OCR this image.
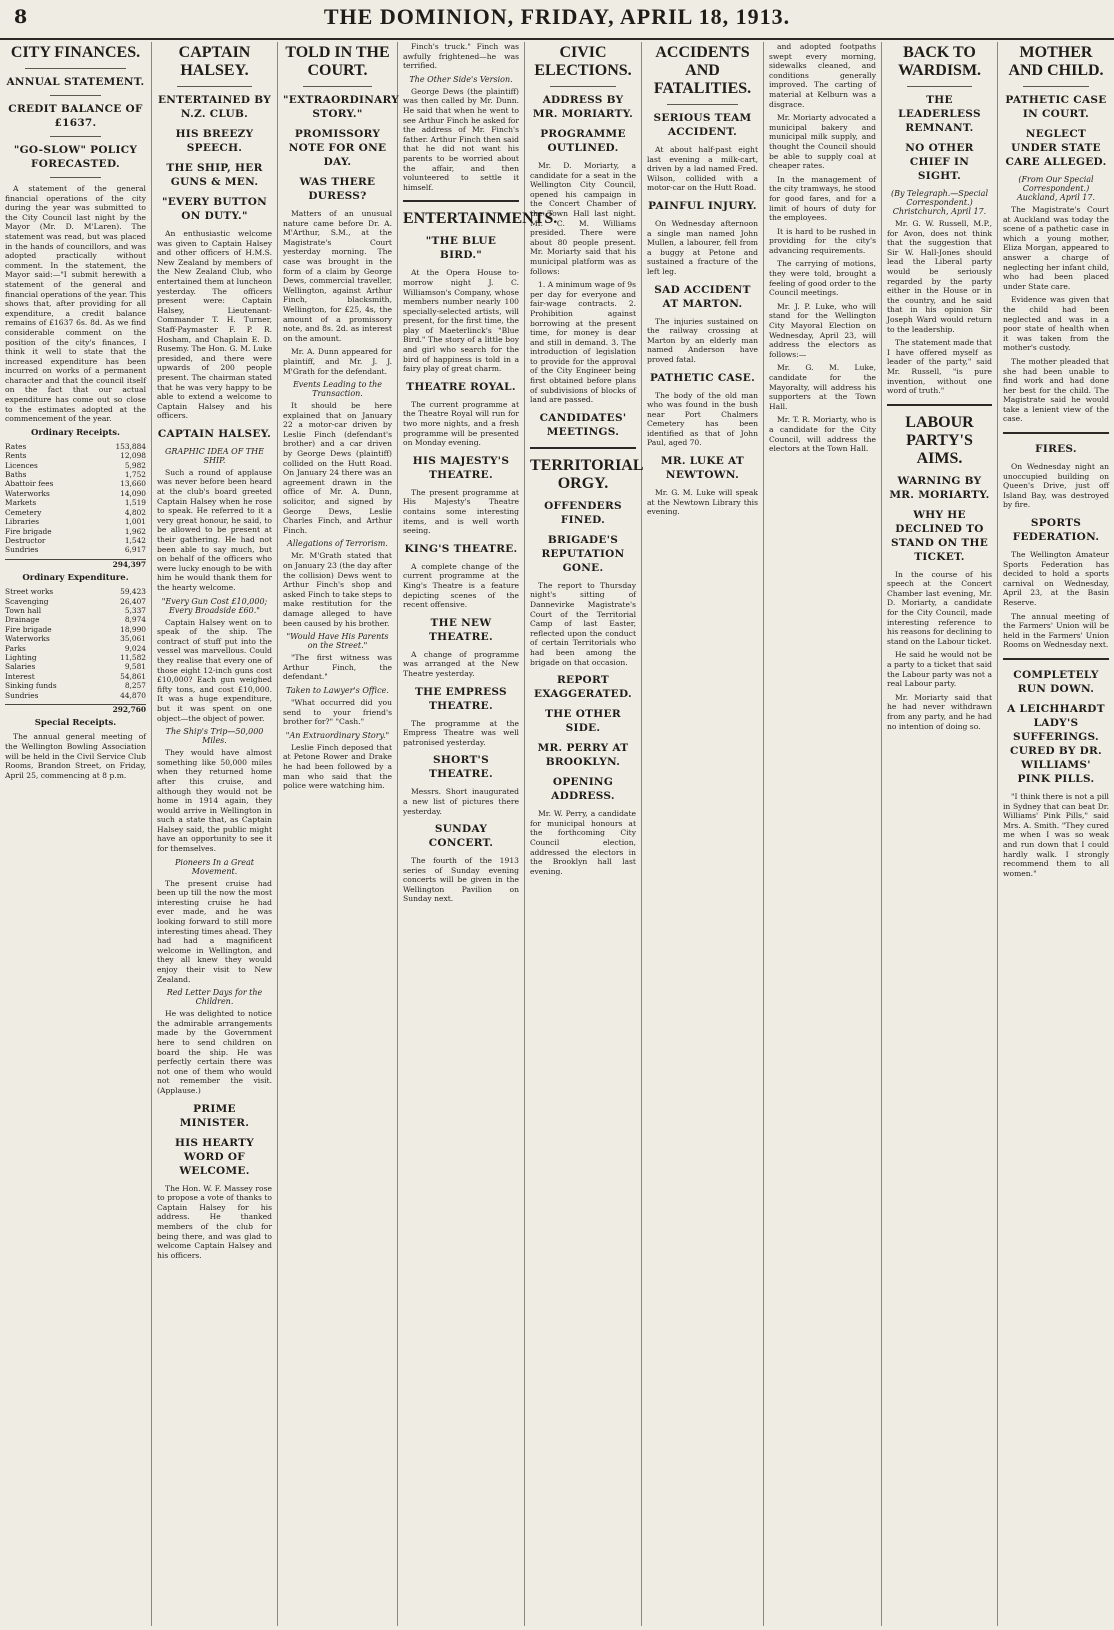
8	THE DOMINION, FRIDAY, APRIL 18, 1913.
CITY FINANCES.
ANNUAL STATEMENT.
CREDIT BALANCE OF £1637.
"GO-SLOW" POLICY FORECASTED.

A statement of the general financial operations of the city during the year was submitted to the City Council last night by the Mayor (Mr. D. M'Laren). The statement was read, but was placed in the hands of councillors, and was adopted practically without comment. In the statement, the Mayor said:—"I submit herewith a statement of the general and financial operations of the year. This shows that, after providing for all expenditure, a credit balance remains of £1637 6s. 8d. As we find considerable comment on the position of the city's finances, I think it well to state that the increased expenditure has been incurred on works of a permanent character and that the council itself on the fact that our actual expenditure has come out so close to the estimates adopted at the commencement of the year.

Ordinary Receipts.
Rates	153,884
Rents	12,098
Licences	5,982
Baths	1,752
Abattoir fees	13,660
Waterworks	14,090
Markets	1,519
Cemetery	4,802
Libraries	1,001
Fire brigade	1,962
Destructor	1,542
Sundries	6,917
294,397
Ordinary Expenditure.
Street works	59,423
Scavenging	26,407
Town hall	5,337
Drainage	8,974
Fire brigade	18,990
Waterworks	35,061
Parks	9,024
Lighting	11,582
Salaries	9,581
Interest	54,861
Sinking funds	8,257
Sundries	44,870
292,760
Special Receipts.

The annual general meeting of the Wellington Bowling Association will be held in the Civil Service Club Rooms, Brandon Street, on Friday, April 25, commencing at 8 p.m.

CAPTAIN HALSEY.
ENTERTAINED BY N.Z. CLUB.
HIS BREEZY SPEECH.
THE SHIP, HER GUNS & MEN.
"EVERY BUTTON ON DUTY."

An enthusiastic welcome was given to Captain Halsey and other officers of H.M.S. New Zealand by members of the New Zealand Club, who entertained them at luncheon yesterday. The officers present were: Captain Halsey, Lieutenant-Commander T. H. Turner, Staff-Paymaster F. P. R. Hosham, and Chaplain E. D. Rusemy. The Hon. G. M. Luke presided, and there were upwards of 200 people present. The chairman stated that he was very happy to be able to extend a welcome to Captain Halsey and his officers.

CAPTAIN HALSEY.
GRAPHIC IDEA OF THE SHIP.

Such a round of applause was never before been heard at the club's board greeted Captain Halsey when he rose to speak. He referred to it a very great honour, he said, to be allowed to be present at their gathering. He had not been able to say much, but on behalf of the officers who were lucky enough to be with him he would thank them for the hearty welcome.

"Every Gun Cost £10,000; Every Broadside £60."

Captain Halsey went on to speak of the ship. The contract of stuff put into the vessel was marvellous. Could they realise that every one of those eight 12-inch guns cost £10,000? Each gun weighed fifty tons, and cost £10,000. It was a huge expenditure, but it was spent on one object—the object of power.

The Ship's Trip—50,000 Miles.

They would have almost something like 50,000 miles when they returned home after this cruise, and although they would not be home in 1914 again, they would arrive in Wellington in such a state that, as Captain Halsey said, the public might have an opportunity to see it for themselves.

Pioneers In a Great Movement.

The present cruise had been up till the now the most interesting cruise he had ever made, and he was looking forward to still more interesting times ahead. They had had a magnificent welcome in Wellington, and they all knew they would enjoy their visit to New Zealand.

Red Letter Days for the Children.

He was delighted to notice the admirable arrangements made by the Government here to send children on board the ship. He was perfectly certain there was not one of them who would not remember the visit. (Applause.)

PRIME MINISTER.
HIS HEARTY WORD OF WELCOME.

The Hon. W. F. Massey rose to propose a vote of thanks to Captain Halsey for his address. He thanked members of the club for being there, and was glad to welcome Captain Halsey and his officers.

TOLD IN THE COURT.
"EXTRAORDINARY STORY."
PROMISSORY NOTE FOR ONE DAY.
WAS THERE DURESS?

Matters of an unusual nature came before Dr. A. M'Arthur, S.M., at the Magistrate's Court yesterday morning. The case was brought in the form of a claim by George Dews, commercial traveller, Wellington, against Arthur Finch, blacksmith, Wellington, for £25, 4s, the amount of a promissory note, and 8s. 2d. as interest on the amount.

Mr. A. Dunn appeared for plaintiff, and Mr. J. J. M'Grath for the defendant.

Events Leading to the Transaction.

It should be here explained that on January 22 a motor-car driven by Leslie Finch (defendant's brother) and a car driven by George Dews (plaintiff) collided on the Hutt Road. On January 24 there was an agreement drawn in the office of Mr. A. Dunn, solicitor, and signed by George Dews, Leslie Charles Finch, and Arthur Finch.

Allegations of Terrorism.

Mr. M'Grath stated that on January 23 (the day after the collision) Dews went to Arthur Finch's shop and asked Finch to take steps to make restitution for the damage alleged to have been caused by his brother.

"Would Have His Parents on the Street."

"The first witness was Arthur Finch, the defendant."

Taken to Lawyer's Office.

"What occurred did you send to your friend's brother for?" "Cash."

"An Extraordinary Story."

Leslie Finch deposed that at Petone Rower and Drake he had been followed by a man who said that the police were watching him.

Finch's truck." Finch was awfully frightened—he was terrified.

The Other Side's Version.

George Dews (the plaintiff) was then called by Mr. Dunn. He said that when he went to see Arthur Finch he asked for the address of Mr. Finch's father. Arthur Finch then said that he did not want his parents to be worried about the affair, and then volunteered to settle it himself.

ENTERTAINMENTS.
"THE BLUE BIRD."

At the Opera House to-morrow night J. C. Williamson's Company, whose members number nearly 100 specially-selected artists, will present, for the first time, the play of Maeterlinck's "Blue Bird." The story of a little boy and girl who search for the bird of happiness is told in a fairy play of great charm.

THEATRE ROYAL.

The current programme at the Theatre Royal will run for two more nights, and a fresh programme will be presented on Monday evening.

HIS MAJESTY'S THEATRE.

The present programme at His Majesty's Theatre contains some interesting items, and is well worth seeing.

KING'S THEATRE.

A complete change of the current programme at the King's Theatre is a feature depicting scenes of the recent offensive.

THE NEW THEATRE.

A change of programme was arranged at the New Theatre yesterday.

THE EMPRESS THEATRE.

The programme at the Empress Theatre was well patronised yesterday.

SHORT'S THEATRE.

Messrs. Short inaugurated a new list of pictures there yesterday.

SUNDAY CONCERT.

The fourth of the 1913 series of Sunday evening concerts will be given in the Wellington Pavilion on Sunday next.

CIVIC ELECTIONS.
ADDRESS BY MR. MORIARTY.
PROGRAMME OUTLINED.

Mr. D. Moriarty, a candidate for a seat in the Wellington City Council, opened his campaign in the Concert Chamber of the Town Hall last night. Mr. C. M. Williams presided. There were about 80 people present. Mr. Moriarty said that his municipal platform was as follows:

1. A minimum wage of 9s per day for everyone and fair-wage contracts. 2. Prohibition against borrowing at the present time, for money is dear and still in demand. 3. The introduction of legislation to provide for the approval of the City Engineer being first obtained before plans of subdivisions of blocks of land are passed.

CANDIDATES' MEETINGS.
TERRITORIAL ORGY.
OFFENDERS FINED.
BRIGADE'S REPUTATION GONE.

The report to Thursday night's sitting of Dannevirke Magistrate's Court of the Territorial Camp of last Easter, reflected upon the conduct of certain Territorials who had been among the brigade on that occasion.

REPORT EXAGGERATED.
THE OTHER SIDE.
MR. PERRY AT BROOKLYN.
OPENING ADDRESS.

Mr. W. Perry, a candidate for municipal honours at the forthcoming City Council election, addressed the electors in the Brooklyn hall last evening.

ACCIDENTS AND FATALITIES.
SERIOUS TEAM ACCIDENT.

At about half-past eight last evening a milk-cart, driven by a lad named Fred. Wilson, collided with a motor-car on the Hutt Road.

PAINFUL INJURY.

On Wednesday afternoon a single man named John Mullen, a labourer, fell from a buggy at Petone and sustained a fracture of the left leg.

SAD ACCIDENT AT MARTON.

The injuries sustained on the railway crossing at Marton by an elderly man named Anderson have proved fatal.

PATHETIC CASE.

The body of the old man who was found in the bush near Port Chalmers Cemetery has been identified as that of John Paul, aged 70.

MR. LUKE AT NEWTOWN.

Mr. G. M. Luke will speak at the Newtown Library this evening.

and adopted footpaths swept every morning, sidewalks cleaned, and conditions generally improved. The carting of material at Kelburn was a disgrace.

Mr. Moriarty advocated a municipal bakery and municipal milk supply, and thought the Council should be able to supply coal at cheaper rates.

In the management of the city tramways, he stood for good fares, and for a limit of hours of duty for the employees.

It is hard to be rushed in providing for the city's advancing requirements.

The carrying of motions, they were told, brought a feeling of good order to the Council meetings.

Mr. J. P. Luke, who will stand for the Wellington City Mayoral Election on Wednesday, April 23, will address the electors as follows:—

Mr. G. M. Luke, candidate for the Mayoralty, will address his supporters at the Town Hall.

Mr. T. R. Moriarty, who is a candidate for the City Council, will address the electors at the Town Hall.

BACK TO WARDISM.
THE LEADERLESS REMNANT.
NO OTHER CHIEF IN SIGHT.
(By Telegraph.—Special Correspondent.) Christchurch, April 17.

Mr. G. W. Russell, M.P., for Avon, does not think that the suggestion that Sir W. Hall-Jones should lead the Liberal party would be seriously regarded by the party either in the House or in the country, and he said that in his opinion Sir Joseph Ward would return to the leadership.

The statement made that I have offered myself as leader of the party," said Mr. Russell, "is pure invention, without one word of truth."

LABOUR PARTY'S AIMS.
WARNING BY MR. MORIARTY.
WHY HE DECLINED TO STAND ON THE TICKET.

In the course of his speech at the Concert Chamber last evening, Mr. D. Moriarty, a candidate for the City Council, made interesting reference to his reasons for declining to stand on the Labour ticket.

He said he would not be a party to a ticket that said the Labour party was not a real Labour party.

Mr. Moriarty said that he had never withdrawn from any party, and he had no intention of doing so.

MOTHER AND CHILD.
PATHETIC CASE IN COURT.
NEGLECT UNDER STATE CARE ALLEGED.
(From Our Special Correspondent.) Auckland, April 17.

The Magistrate's Court at Auckland was today the scene of a pathetic case in which a young mother, Eliza Morgan, appeared to answer a charge of neglecting her infant child, who had been placed under State care.

Evidence was given that the child had been neglected and was in a poor state of health when it was taken from the mother's custody.

The mother pleaded that she had been unable to find work and had done her best for the child. The Magistrate said he would take a lenient view of the case.

FIRES.

On Wednesday night an unoccupied building on Queen's Drive, just off Island Bay, was destroyed by fire.

SPORTS FEDERATION.

The Wellington Amateur Sports Federation has decided to hold a sports carnival on Wednesday, April 23, at the Basin Reserve.

The annual meeting of the Farmers' Union will be held in the Farmers' Union Rooms on Wednesday next.

COMPLETELY RUN DOWN.
A LEICHHARDT LADY'S SUFFERINGS. CURED BY DR. WILLIAMS' PINK PILLS.

"I think there is not a pill in Sydney that can beat Dr. Williams' Pink Pills," said Mrs. A. Smith. "They cured me when I was so weak and run down that I could hardly walk. I strongly recommend them to all women."
